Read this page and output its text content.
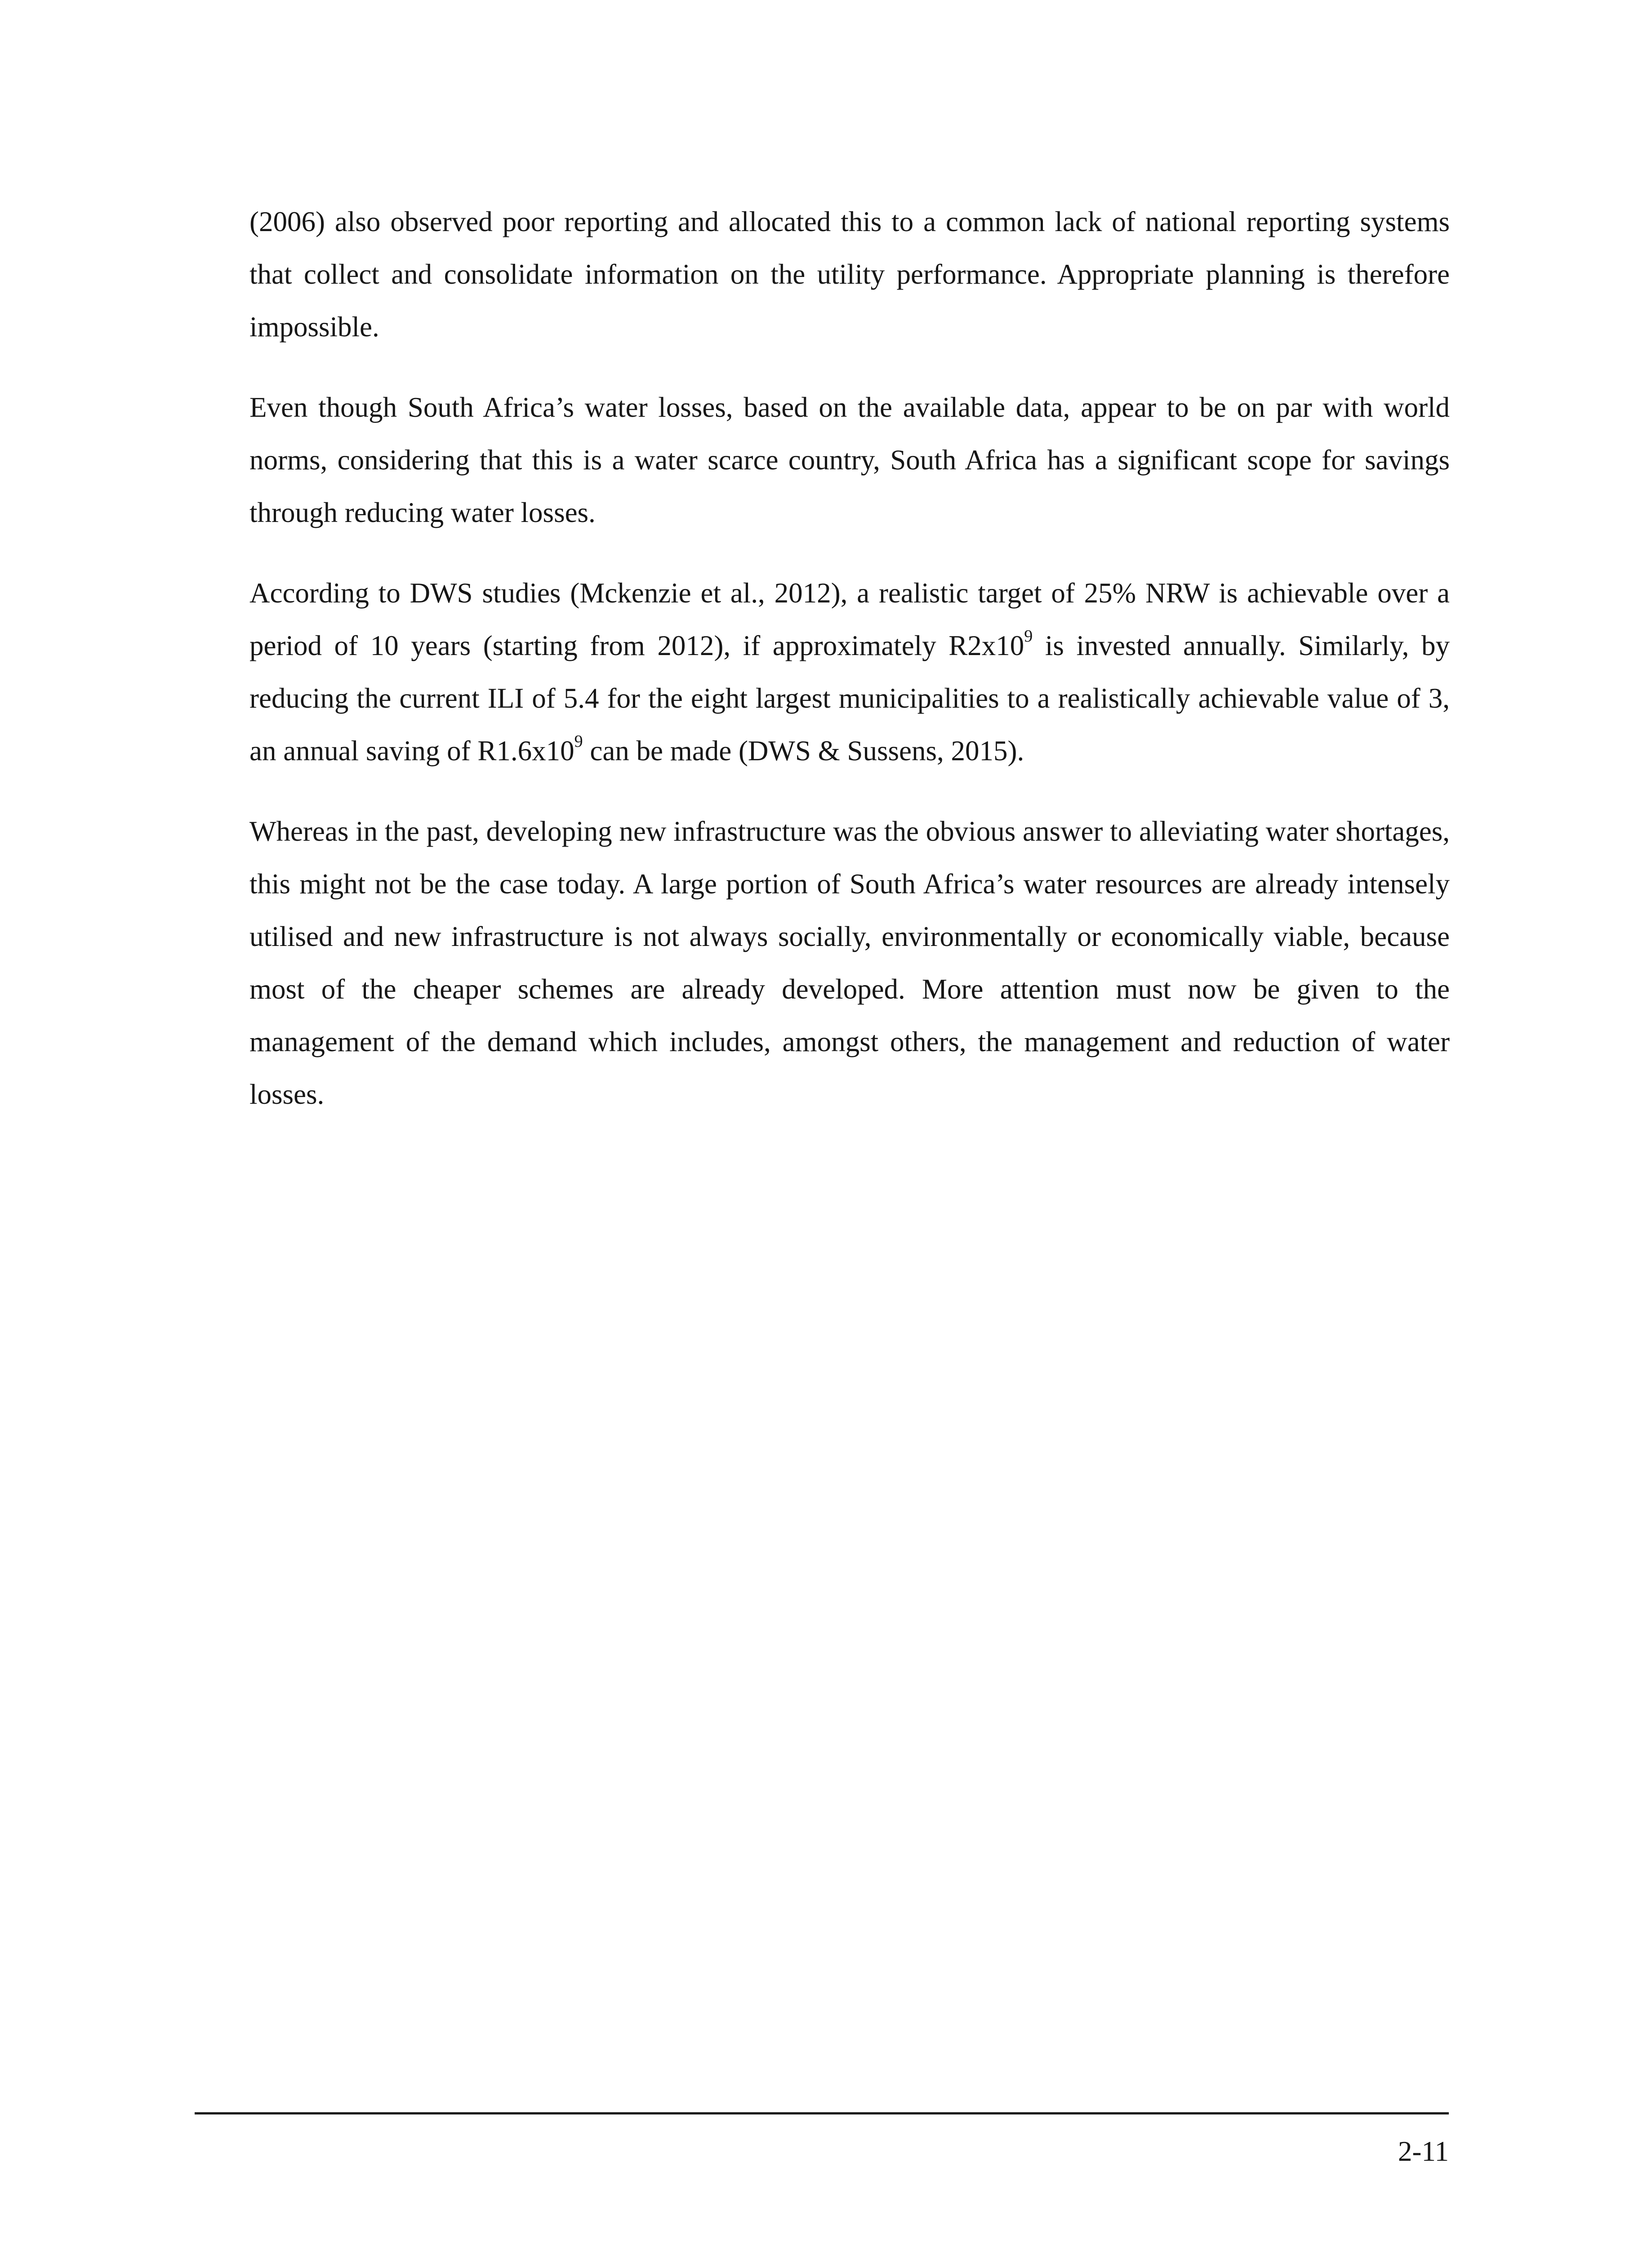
(2006) also observed poor reporting and allocated this to a common lack of national reporting systems that collect and consolidate information on the utility performance. Appropriate planning is therefore impossible.

Even though South Africa’s water losses, based on the available data, appear to be on par with world norms, considering that this is a water scarce country, South Africa has a significant scope for savings through reducing water losses.

According to DWS studies (Mckenzie et al., 2012), a realistic target of 25% NRW is achievable over a period of 10 years (starting from 2012), if approximately $R2x10^9$ is invested annually. Similarly, by reducing the current ILI of 5.4 for the eight largest municipalities to a realistically achievable value of 3, an annual saving of $R1.6x10^9$ can be made (DWS & Sussens, 2015).

Whereas in the past, developing new infrastructure was the obvious answer to alleviating water shortages, this might not be the case today. A large portion of South Africa’s water resources are already intensely utilised and new infrastructure is not always socially, environmentally or economically viable, because most of the cheaper schemes are already developed. More attention must now be given to the management of the demand which includes, amongst others, the management and reduction of water losses.

2-11
